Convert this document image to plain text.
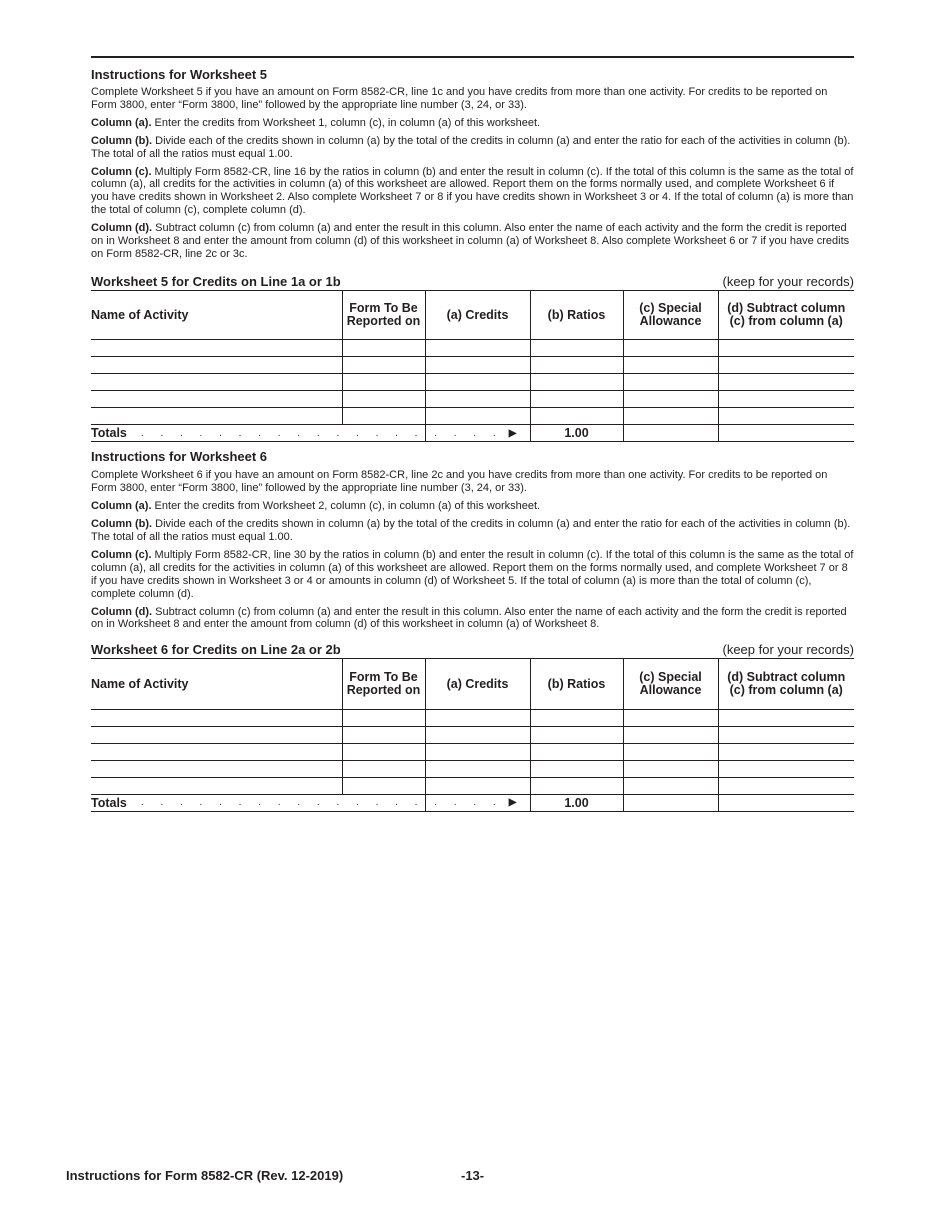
Instructions for Worksheet 5

Complete Worksheet 5 if you have an amount on Form 8582-CR, line 1c and you have credits from more than one activity. For credits to be reported on Form 3800, enter “Form 3800, line” followed by the appropriate line number (3, 24, or 33).

Column (a). Enter the credits from Worksheet 1, column (c), in column (a) of this worksheet.

Column (b). Divide each of the credits shown in column (a) by the total of the credits in column (a) and enter the ratio for each of the activities in column (b). The total of all the ratios must equal 1.00.

Column (c). Multiply Form 8582-CR, line 16 by the ratios in column (b) and enter the result in column (c). If the total of this column is the same as the total of column (a), all credits for the activities in column (a) of this worksheet are allowed. Report them on the forms normally used, and complete Worksheet 6 if you have credits shown in Worksheet 2. Also complete Worksheet 7 or 8 if you have credits shown in Worksheet 3 or 4. If the total of column (a) is more than the total of column (c), complete column (d).

Column (d). Subtract column (c) from column (a) and enter the result in this column. Also enter the name of each activity and the form the credit is reported on in Worksheet 8 and enter the amount from column (d) of this worksheet in column (a) of Worksheet 8. Also complete Worksheet 6 or 7 if you have credits on Form 8582-CR, line 2c or 3c.

Worksheet 5 for Credits on Line 1a or 1b	(keep for your records)
Name of Activity	Form To Be Reported on	(a) Credits	(b) Ratios	(c) Special Allowance	(d) Subtract column (c) from column (a)

Totals . . . . . . . . . . . . . . . . . . . ▶			1.00		
Instructions for Worksheet 6

Complete Worksheet 6 if you have an amount on Form 8582-CR, line 2c and you have credits from more than one activity. For credits to be reported on Form 3800, enter “Form 3800, line” followed by the appropriate line number (3, 24, or 33).

Column (a). Enter the credits from Worksheet 2, column (c), in column (a) of this worksheet.

Column (b). Divide each of the credits shown in column (a) by the total of the credits in column (a) and enter the ratio for each of the activities in column (b). The total of all the ratios must equal 1.00.

Column (c). Multiply Form 8582-CR, line 30 by the ratios in column (b) and enter the result in column (c). If the total of this column is the same as the total of column (a), all credits for the activities in column (a) of this worksheet are allowed. Report them on the forms normally used, and complete Worksheet 7 or 8 if you have credits shown in Worksheet 3 or 4 or amounts in column (d) of Worksheet 5. If the total of column (a) is more than the total of column (c), complete column (d).

Column (d). Subtract column (c) from column (a) and enter the result in this column. Also enter the name of each activity and the form the credit is reported on in Worksheet 8 and enter the amount from column (d) of this worksheet in column (a) of Worksheet 8.

Worksheet 6 for Credits on Line 2a or 2b	(keep for your records)
Name of Activity	Form To Be Reported on	(a) Credits	(b) Ratios	(c) Special Allowance	(d) Subtract column (c) from column (a)

Totals . . . . . . . . . . . . . . . . . . . ▶			1.00		
Instructions for Form 8582-CR (Rev. 12-2019)	-13-
